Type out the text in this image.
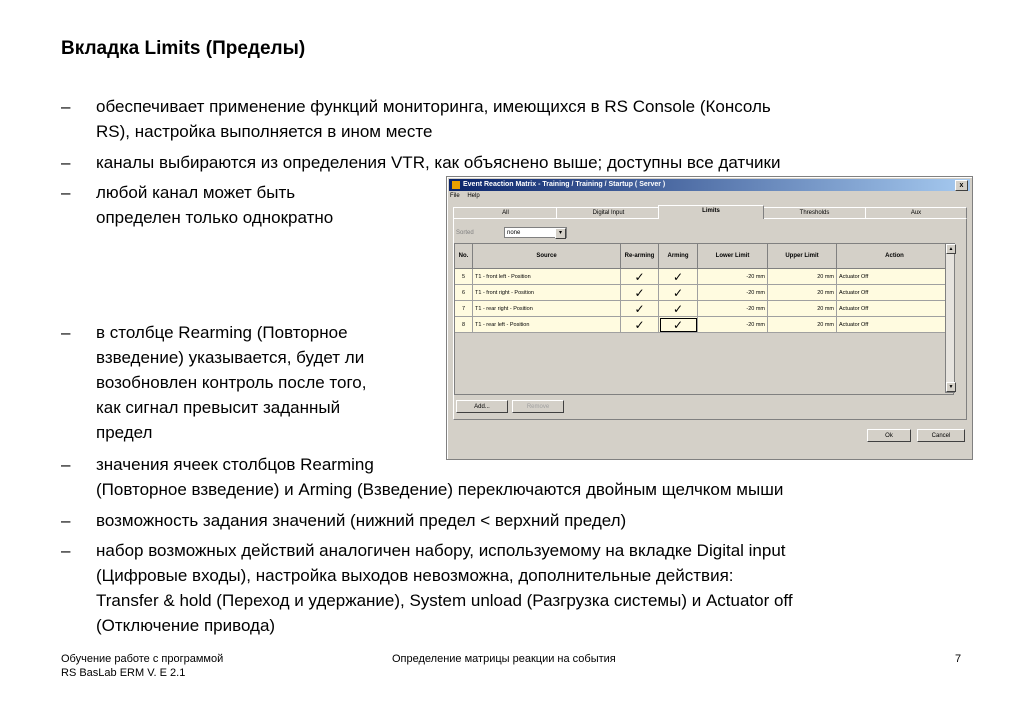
Вкладка Limits (Пределы)
–	обеспечивает применение функций мониторинга, имеющихся в RS Console (Консоль
RS), настройка выполняется в ином месте
–	каналы выбираются из определения VTR, как объяснено выше; доступны все датчики
–	любой канал может быть
определен только однократно
–	в столбце Rearming (Повторное
взведение) указывается, будет ли
возобновлен контроль после того,
как сигнал превысит заданный
предел
–	значения ячеек столбцов Rearming
(Повторное взведение) и Arming (Взведение) переключаются двойным щелчком мыши
–	возможность задания значений (нижний предел < верхний предел)
–	набор возможных действий аналогичен набору, используемому на вкладке Digital input
(Цифровые входы), настройка выходов невозможна, дополнительные действия:
Transfer & hold (Переход и удержание), System unload (Разгрузка системы) и Actuator off
(Отключение привода)
Event Reaction Matrix - Training / Training / Startup ( Server )	x
File Help
All	Digital Input	Limits	Thresholds	Aux
Sorted	none	▾
No.	Source	Re-arming	Arming	Lower Limit	Upper Limit	Action
5	T1 - front left - Position	✓	✓	-20 mm	20 mm Actuator Off
6	T1 - front right - Position	✓	✓	-20 mm	20 mm Actuator Off
7	T1 - rear right - Position	✓	✓	-20 mm	20 mm Actuator Off
8	T1 - rear left - Position	✓	✓	-20 mm	20 mm Actuator Off
▲
▼
Add...	Remove
Ok	Cancel
Обучение работе с программой
RS BasLab ERM V. E 2.1
Определение матрицы реакции на события	7
